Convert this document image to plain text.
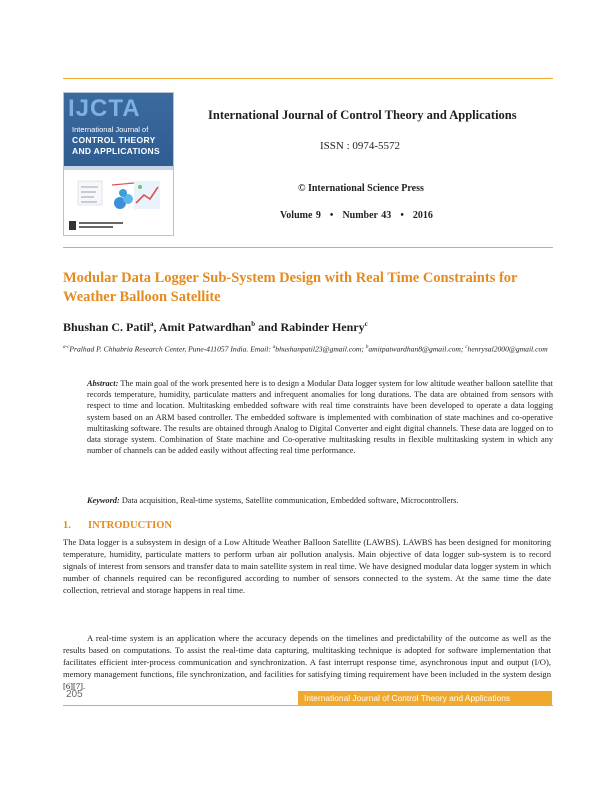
IJCTA
International Journal of
CONTROL THEORY
AND APPLICATIONS
International Journal of Control Theory and Applications
ISSN : 0974-5572
© International Science Press
Volume 9 • Number 43 • 2016
Modular Data Logger Sub-System Design with Real Time Constraints for Weather Balloon Satellite
Bhushan C. Patil$^a$, Amit Patwardhan$^b$ and Rabinder Henry$^c$
$^{a-c}$Pralhad P. Chhabria Research Center, Pune-411057 India. Email: $^a$bhushanpatil23@gmail.com; $^b$amitpatwardhan8@gmail.com; $^c$henrysal2000@gmail.com
Abstract: The main goal of the work presented here is to design a Modular Data logger system for low altitude weather balloon satellite that records temperature, humidity, particulate matters and infrequent anomalies for long durations. The data are obtained from sensors with respect to time and location. Multitasking embedded software with real time constraints have been developed to operate a data logging system based on an ARM based controller. The embedded software is implemented with combination of state machines and co-operative multitasking software. The results are obtained through Analog to Digital Converter and eight digital channels. These data are logged on to data storage system. Combination of State machine and Co-operative multitasking results in flexible multitasking system in which any number of channels can be added easily without affecting real time performance.
Keyword: Data acquisition, Real-time systems, Satellite communication, Embedded software, Microcontrollers.
1. INTRODUCTION
The Data logger is a subsystem in design of a Low Altitude Weather Balloon Satellite (LAWBS). LAWBS has been designed for monitoring temperature, humidity, particulate matters to perform urban air pollution analysis. Main objective of data logger sub-system is to record signals of interest from sensors and transfer data to main satellite system in real time. We have designed modular data logger system in which number of channels required can be reconfigured according to number of sensors connected to the system. At the same time the date collection, retrieval and storage happens in real time.
A real-time system is an application where the accuracy depends on the timelines and predictability of the outcome as well as the results based on computations. To assist the real-time data capturing, multitasking technique is adopted for software implementation that facilitates efficient inter-process communication and synchronization. A fast interrupt response time, asynchronous input and output (I/O), memory management functions, file synchronization, and facilities for satisfying timing requirement have been included in the system design [6][7].
205	International Journal of Control Theory and Applications
